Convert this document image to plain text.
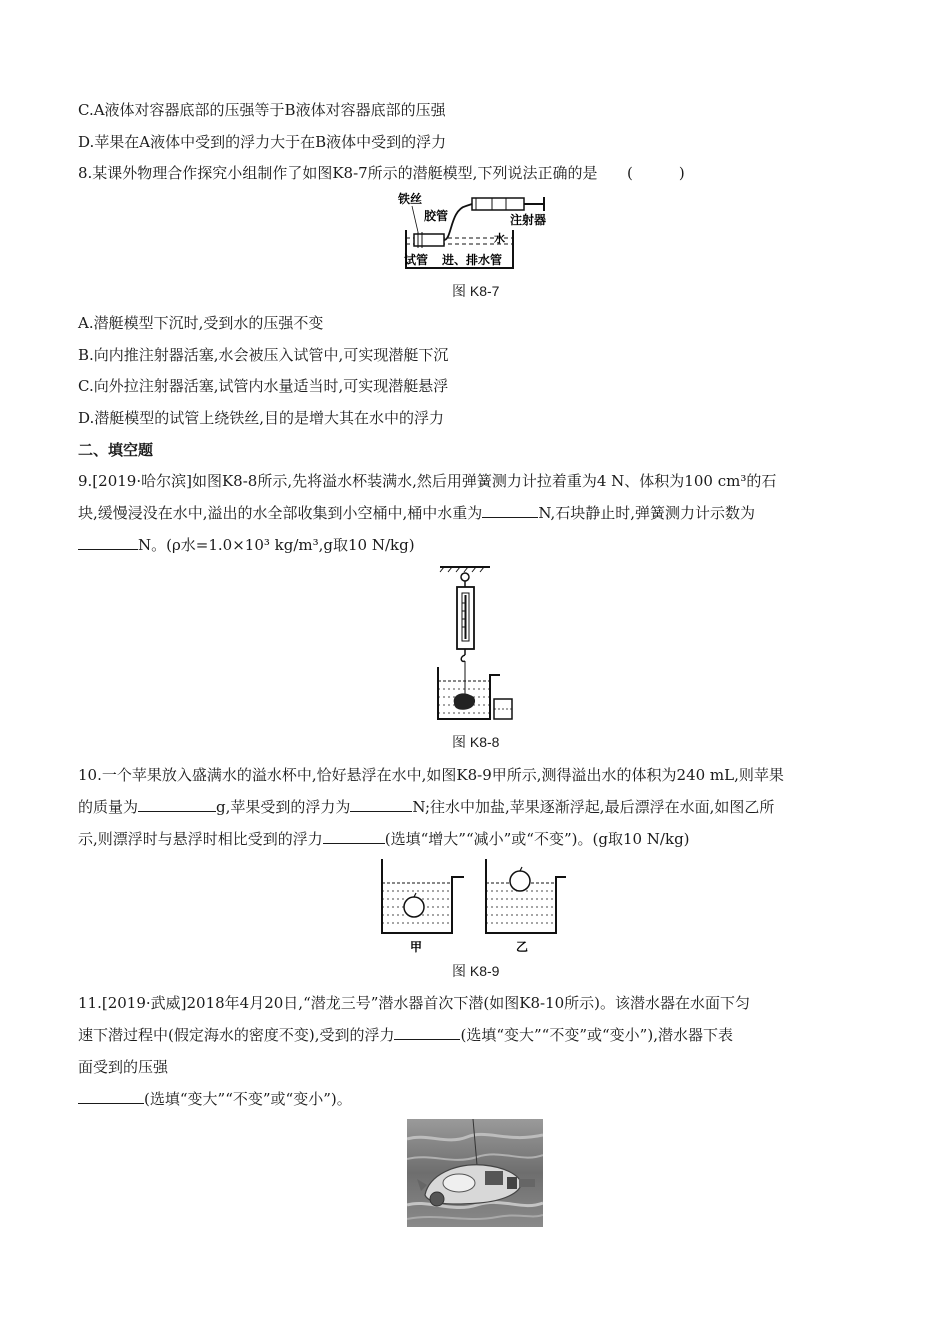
C.A液体对容器底部的压强等于B液体对容器底部的压强
D.苹果在A液体中受到的浮力大于在B液体中受到的浮力
8.某课外物理合作探究小组制作了如图K8-7所示的潜艇模型,下列说法正确的是 (	)
铁丝
胶管	注射器
水
试管 进、排水管
图 K8-7
A.潜艇模型下沉时,受到水的压强不变
B.向内推注射器活塞,水会被压入试管中,可实现潜艇下沉
C.向外拉注射器活塞,试管内水量适当时,可实现潜艇悬浮
D.潜艇模型的试管上绕铁丝,目的是增大其在水中的浮力
二、填空题
9.[2019·哈尔滨]如图K8-8所示,先将溢水杯装满水,然后用弹簧测力计拉着重为4 N、体积为100 cm³的石
块,缓慢浸没在水中,溢出的水全部收集到小空桶中,桶中水重为	N,石块静止时,弹簧测力计示数为
N。(ρ水=1.0×10³ kg/m³,g取10 N/kg)
图 K8-8
10.一个苹果放入盛满水的溢水杯中,恰好悬浮在水中,如图K8-9甲所示,测得溢出水的体积为240 mL,则苹果
的质量为	g,苹果受到的浮力为	N;往水中加盐,苹果逐渐浮起,最后漂浮在水面,如图乙所
示,则漂浮时与悬浮时相比受到的浮力	(选填“增大”“减小”或“不变”)。(g取10 N/kg)
甲	乙
图 K8-9
11.[2019·武威]2018年4月20日,“潜龙三号”潜水器首次下潜(如图K8-10所示)。该潜水器在水面下匀
速下潜过程中(假定海水的密度不变),受到的浮力	(选填“变大”“不变”或“变小”),潜水器下表
面受到的压强
(选填“变大”“不变”或“变小”)。
